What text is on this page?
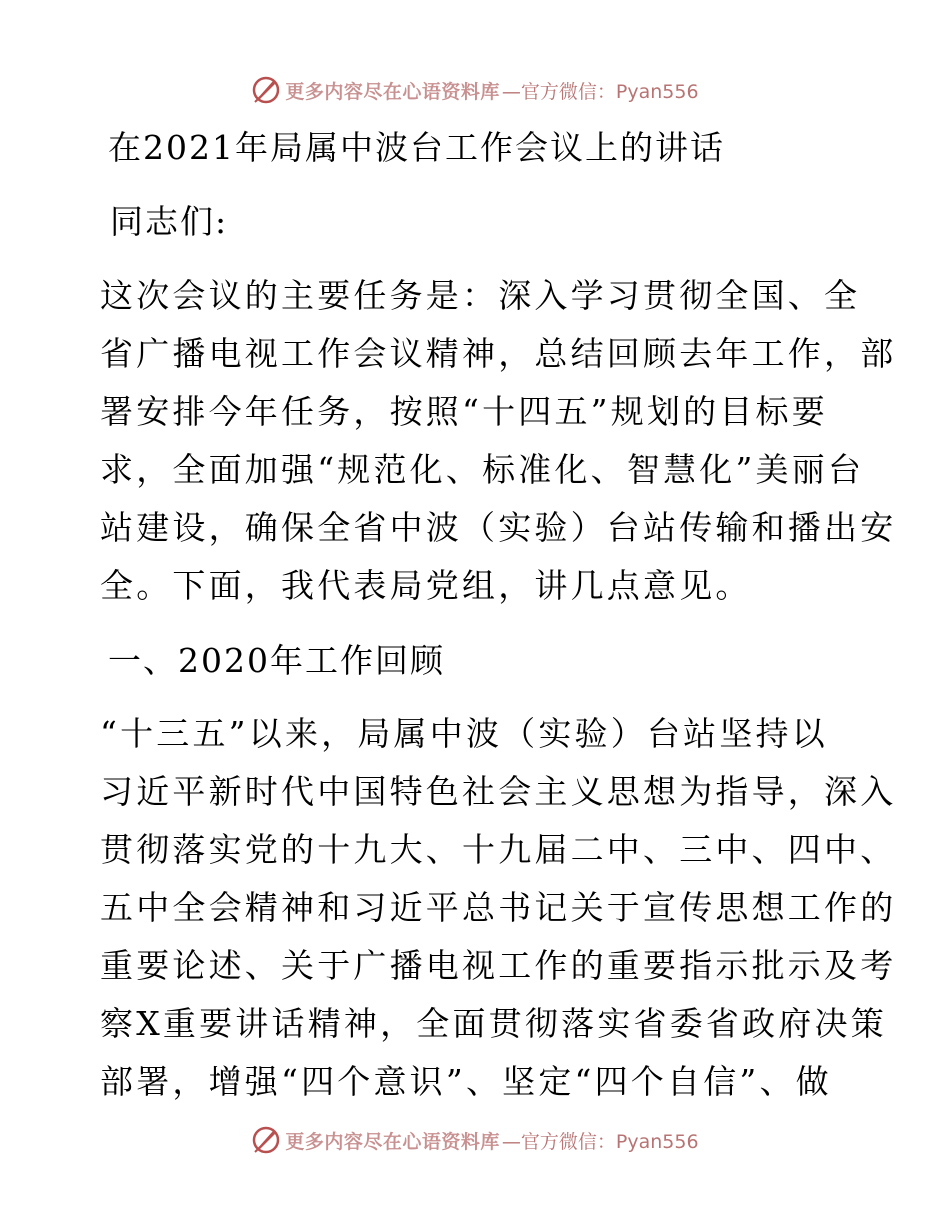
更多内容尽在心语资料库 —官方微信：Pyan556
在2021年局属中波台工作会议上的讲话
同志们:
这次会议的主要任务是：深入学习贯彻全国、全
省广播电视工作会议精神，总结回顾去年工作，部
署安排今年任务，按照“十四五”规划的目标要
求，全面加强“规范化、标准化、智慧化”美丽台
站建设，确保全省中波（实验）台站传输和播出安
全。下面，我代表局党组，讲几点意见。
一、2020年工作回顾
“十三五”以来，局属中波（实验）台站坚持以
习近平新时代中国特色社会主义思想为指导，深入
贯彻落实党的十九大、十九届二中、三中、四中、
五中全会精神和习近平总书记关于宣传思想工作的
重要论述、关于广播电视工作的重要指示批示及考
察X重要讲话精神，全面贯彻落实省委省政府决策
部署，增强“四个意识”、坚定“四个自信”、做
更多内容尽在心语资料库 —官方微信：Pyan556
